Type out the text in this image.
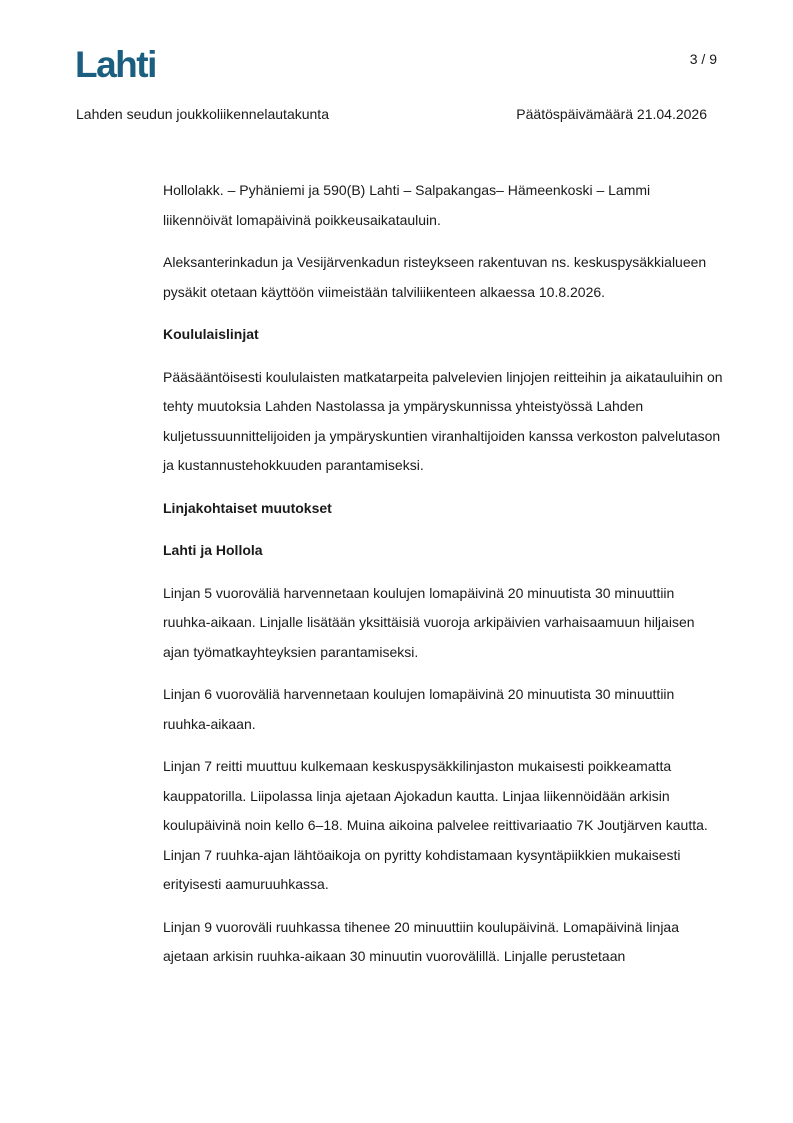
Lahti	3 / 9
Lahden seudun joukkoliikennelautakunta	Päätöspäivämäärä 21.04.2026

Hollolakk. – Pyhäniemi ja 590(B) Lahti – Salpakangas– Hämeenkoski – Lammi liikennöivät lomapäivinä poikkeusaikatauluin.

Aleksanterinkadun ja Vesijärvenkadun risteykseen rakentuvan ns. keskuspysäkkialueen pysäkit otetaan käyttöön viimeistään talviliikenteen alkaessa 10.8.2026.

Koululaislinjat

Pääsääntöisesti koululaisten matkatarpeita palvelevien linjojen reitteihin ja aikatauluihin on tehty muutoksia Lahden Nastolassa ja ympäryskunnissa yhteistyössä Lahden kuljetussuunnittelijoiden ja ympäryskuntien viranhaltijoiden kanssa verkoston palvelutason ja kustannustehokkuuden parantamiseksi.

Linjakohtaiset muutokset
Lahti ja Hollola

Linjan 5 vuoroväliä harvennetaan koulujen lomapäivinä 20 minuutista 30 minuuttiin ruuhka-aikaan. Linjalle lisätään yksittäisiä vuoroja arkipäivien varhaisaamuun hiljaisen ajan työmatkayhteyksien parantamiseksi.

Linjan 6 vuoroväliä harvennetaan koulujen lomapäivinä 20 minuutista 30 minuuttiin ruuhka-aikaan.

Linjan 7 reitti muuttuu kulkemaan keskuspysäkkilinjaston mukaisesti poikkeamatta kauppatorilla. Liipolassa linja ajetaan Ajokadun kautta. Linjaa liikennöidään arkisin koulupäivinä noin kello 6–18. Muina aikoina palvelee reittivariaatio 7K Joutjärven kautta. Linjan 7 ruuhka-ajan lähtöaikoja on pyritty kohdistamaan kysyntäpiikkien mukaisesti erityisesti aamuruuhkassa.

Linjan 9 vuoroväli ruuhkassa tihenee 20 minuuttiin koulupäivinä. Lomapäivinä linjaa ajetaan arkisin ruuhka-aikaan 30 minuutin vuorovälillä. Linjalle perustetaan
